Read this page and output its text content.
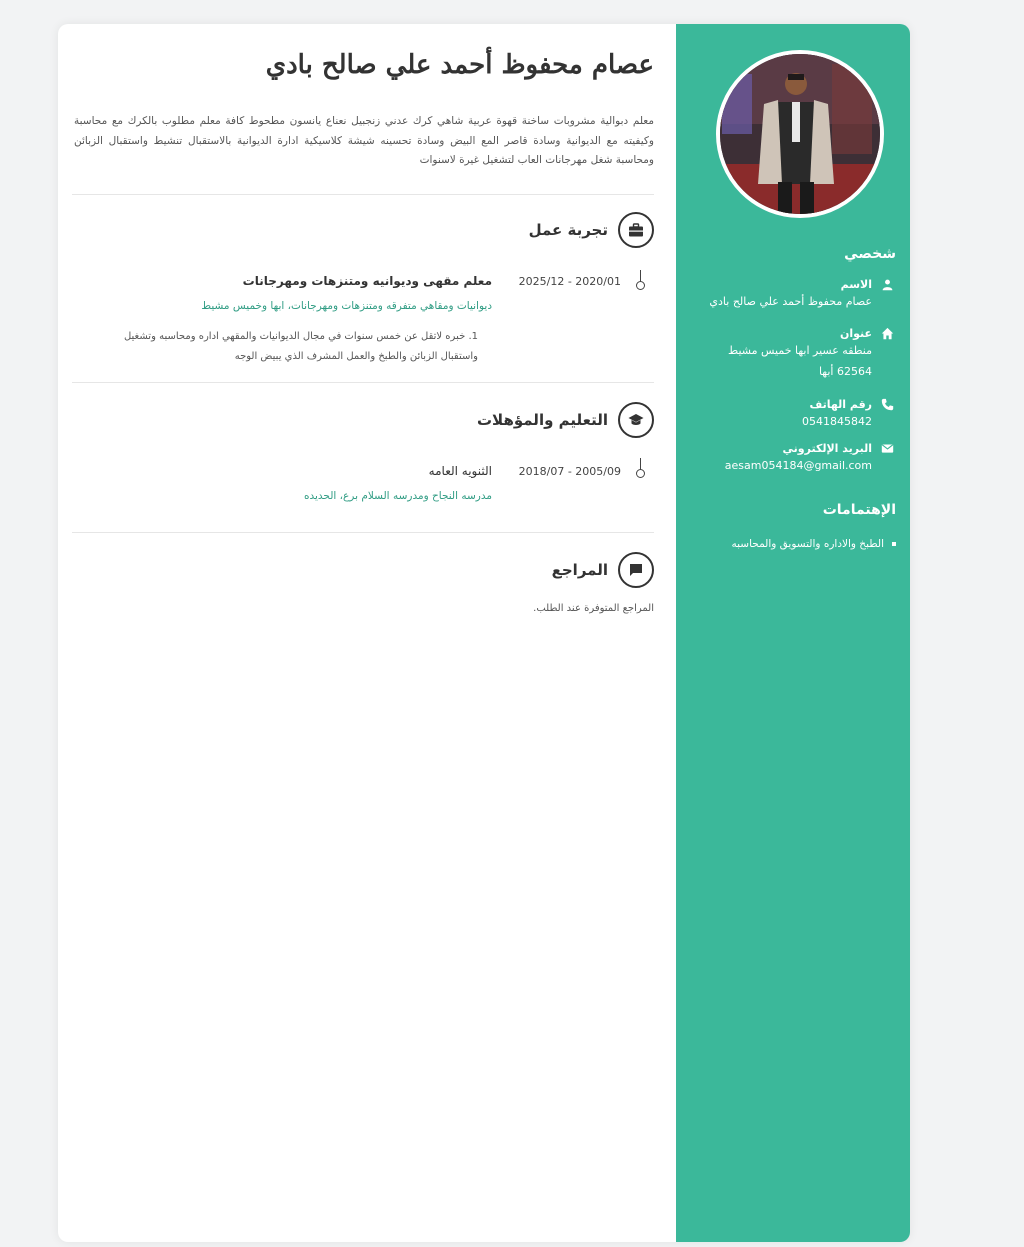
شخصي
الاسم
عصام محفوظ أحمد علي صالح بادي
عنوان
منطقه عسير ابها خميس مشيط
62564 أبها
رقم الهاتف
0541845842
البريد الإلكتروني
aesam054184@gmail.com
الإهتمامات
الطبخ والاداره والتسويق والمحاسبه
عصام محفوظ أحمد علي صالح بادي

معلم دبوالية مشروبات ساخنة قهوة عربية شاهي كرك عدني زنجبيل نعناع يانسون مطحوط كافة معلم مطلوب بالكرك مع محاسبة وكيفيته مع الديوانية وسادة قاصر المع البيض وسادة تحسينه شيشة كلاسيكية ادارة الديوانية بالاستقبال تنشيط واستقبال الزبائن ومحاسبة شغل مهرجانات العاب لتشغيل غيرة لاسنوات

تجربة عمل
2020/01 - 2025/12
معلم مقهى وديوانيه ومتنزهات ومهرجانات
ديوانيات ومقاهي متفرقه ومتنزهات ومهرجانات، ابها وخميس مشيط
1. خبره لاتقل عن خمس سنوات في مجال الديوانيات والمقهي اداره ومحاسبه وتشغيل واستقبال الزبائن والطبخ والعمل المشرف الذي يبيض الوجه
التعليم والمؤهلات
2005/09 - 2018/07
الثنويه العامه
مدرسه النجاح ومدرسه السلام برع، الحديده
المراجع
المراجع المتوفرة عند الطلب.
